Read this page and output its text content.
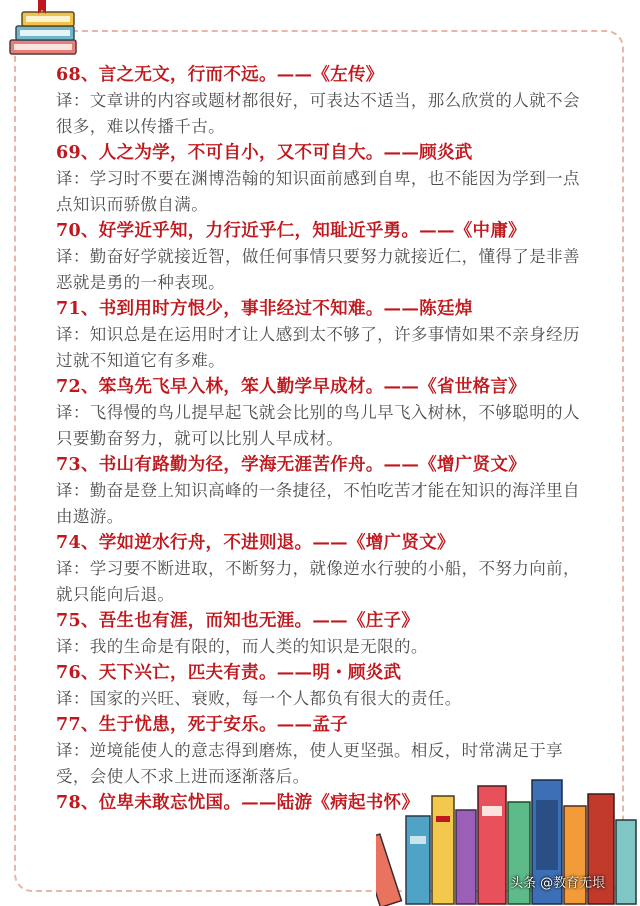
68、言之无文，行而不远。——《左传》
译：文章讲的内容或题材都很好，可表达不适当，那么欣赏的人就不会很多，难以传播千古。
69、人之为学，不可自小，又不可自大。——顾炎武
译：学习时不要在渊博浩翰的知识面前感到自卑，也不能因为学到一点点知识而骄傲自满。
70、好学近乎知，力行近乎仁，知耻近乎勇。——《中庸》
译：勤奋好学就接近智，做任何事情只要努力就接近仁，懂得了是非善恶就是勇的一种表现。
71、书到用时方恨少，事非经过不知难。——陈廷焯
译：知识总是在运用时才让人感到太不够了，许多事情如果不亲身经历过就不知道它有多难。
72、笨鸟先飞早入林，笨人勤学早成材。——《省世格言》
译：飞得慢的鸟儿提早起飞就会比别的鸟儿早飞入树林，不够聪明的人只要勤奋努力，就可以比别人早成材。
73、书山有路勤为径，学海无涯苦作舟。——《增广贤文》
译：勤奋是登上知识高峰的一条捷径，不怕吃苦才能在知识的海洋里自由遨游。
74、学如逆水行舟，不进则退。——《增广贤文》
译：学习要不断进取，不断努力，就像逆水行驶的小船，不努力向前，就只能向后退。
75、吾生也有涯，而知也无涯。——《庄子》
译：我的生命是有限的，而人类的知识是无限的。
76、天下兴亡，匹夫有责。——明・顾炎武
译：国家的兴旺、衰败，每一个人都负有很大的责任。
77、生于忧患，死于安乐。——孟子
译：逆境能使人的意志得到磨炼，使人更坚强。相反，时常满足于享受，会使人不求上进而逐渐落后。
78、位卑未敢忘忧国。——陆游《病起书怀》
头条 @教育无垠
